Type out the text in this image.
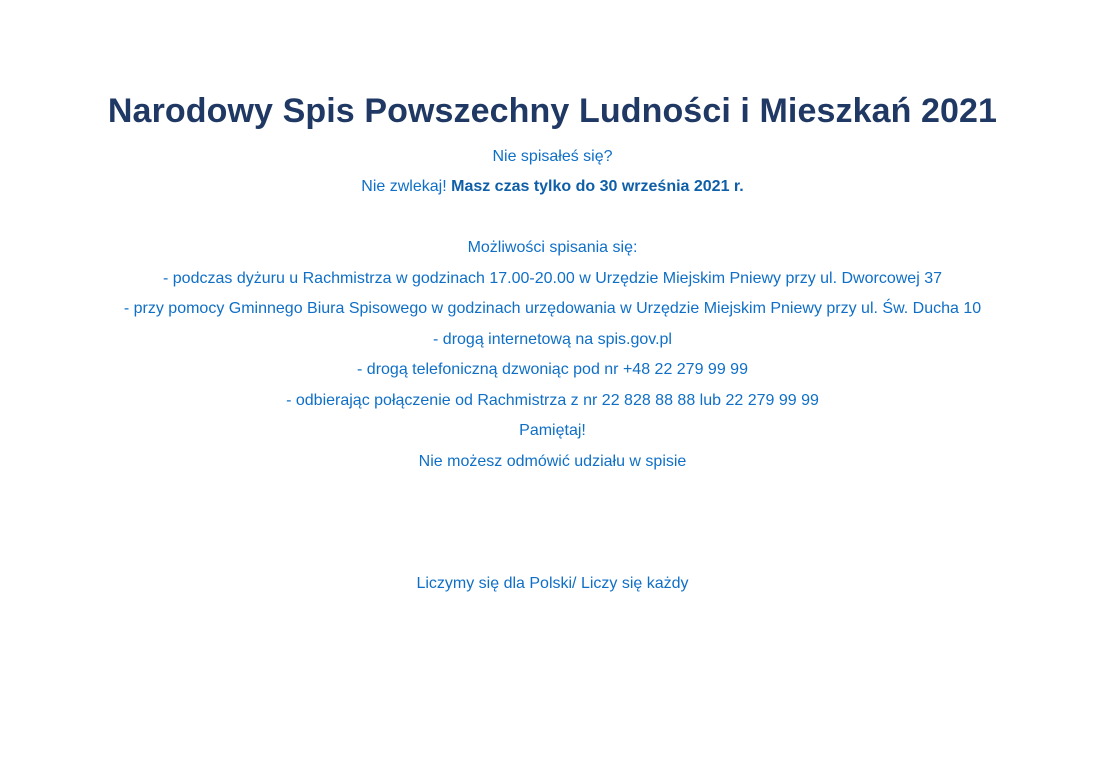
Narodowy Spis Powszechny Ludności i Mieszkań 2021
Nie spisałeś się?
Nie zwlekaj! Masz czas tylko do 30 września 2021 r.
Możliwości spisania się:
- podczas dyżuru u Rachmistrza w godzinach 17.00-20.00 w Urzędzie Miejskim Pniewy przy ul. Dworcowej 37
- przy pomocy Gminnego Biura Spisowego w godzinach urzędowania w Urzędzie Miejskim Pniewy przy ul. Św. Ducha 10
- drogą internetową na spis.gov.pl
- drogą telefoniczną dzwoniąc pod nr +48 22 279 99 99
- odbierając połączenie od Rachmistrza z nr 22 828 88 88 lub 22 279 99 99
Pamiętaj!
Nie możesz odmówić udziału w spisie
Liczymy się dla Polski/ Liczy się każdy
